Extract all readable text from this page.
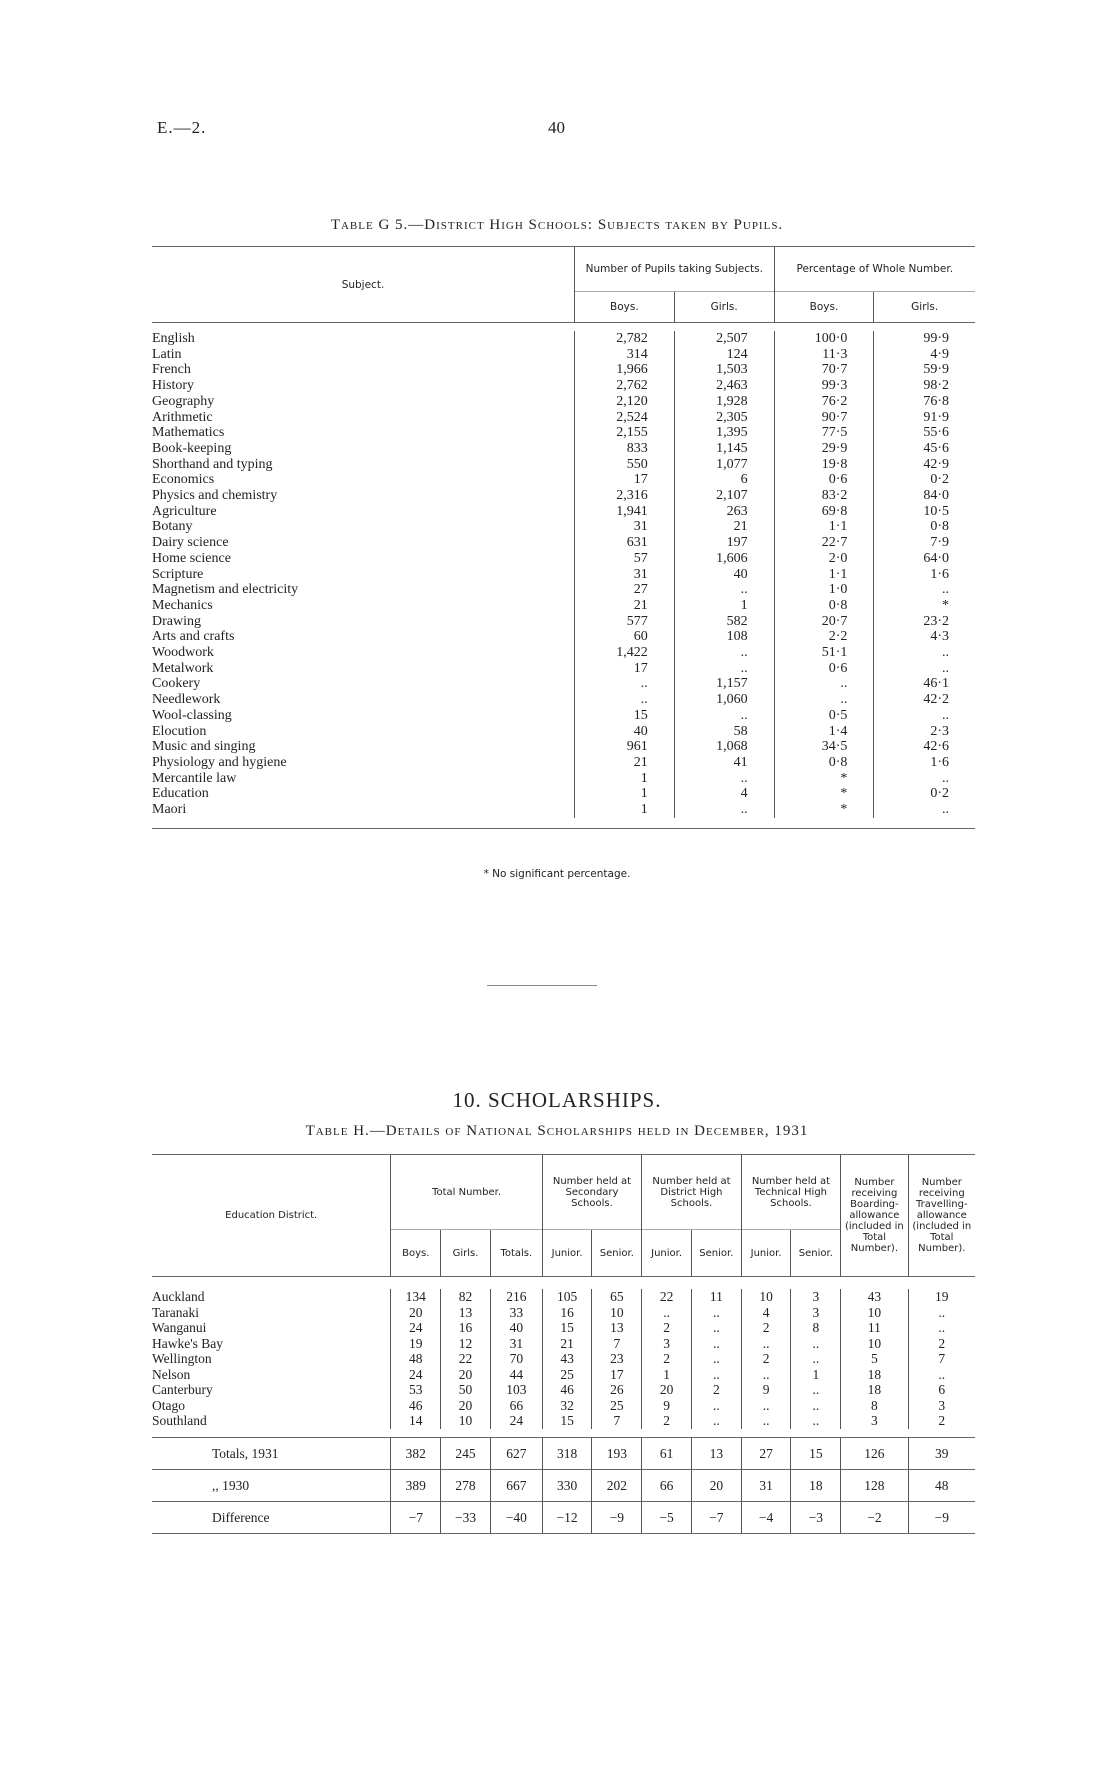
E.—2.	40
Table G 5.—District High Schools: Subjects taken by Pupils.
Subject.	Number of Pupils taking Subjects.		Percentage of Whole Number.	
	Boys.	Girls.	Boys.	Girls.

English	2,782	2,507	100·0	99·9
Latin	314	124	11·3	4·9
French	1,966	1,503	70·7	59·9
History	2,762	2,463	99·3	98·2
Geography	2,120	1,928	76·2	76·8
Arithmetic	2,524	2,305	90·7	91·9
Mathematics	2,155	1,395	77·5	55·6
Book-keeping	833	1,145	29·9	45·6
Shorthand and typing	550	1,077	19·8	42·9
Economics	17	6	0·6	0·2
Physics and chemistry	2,316	2,107	83·2	84·0
Agriculture	1,941	263	69·8	10·5
Botany	31	21	1·1	0·8
Dairy science	631	197	22·7	7·9
Home science	57	1,606	2·0	64·0
Scripture	31	40	1·1	1·6
Magnetism and electricity	27	..	1·0	..
Mechanics	21	1	0·8	*
Drawing	577	582	20·7	23·2
Arts and crafts	60	108	2·2	4·3
Woodwork	1,422	..	51·1	..
Metalwork	17	..	0·6	..
Cookery	..	1,157	..	46·1
Needlework	..	1,060	..	42·2
Wool-classing	15	..	0·5	..
Elocution	40	58	1·4	2·3
Music and singing	961	1,068	34·5	42·6
Physiology and hygiene	21	41	0·8	1·6
Mercantile law	1	..	*	..
Education	1	4	*	0·2
Maori	1	..	*	..

* No significant percentage.
10. SCHOLARSHIPS.
Table H.—Details of National Scholarships held in December, 1931
Education District.	Total Number.			Number held at Secondary Schools.		Number held at District High Schools.		Number held at Technical High Schools.		Number receiving Boarding-allowance (included in Total Number).	Number receiving Travelling-allowance (included in Total Number).
	Boys.	Girls.	Totals.	Junior.	Senior.	Junior.	Senior.	Junior.	Senior.		

Auckland	134	82	216	105	65	22	11	10	3	43	19
Taranaki	20	13	33	16	10	..	..	4	3	10	..
Wanganui	24	16	40	15	13	2	..	2	8	11	..
Hawke's Bay	19	12	31	21	7	3	..	..	..	10	2
Wellington	48	22	70	43	23	2	..	2	..	5	7
Nelson	24	20	44	25	17	1	..	..	1	18	..
Canterbury	53	50	103	46	26	20	2	9	..	18	6
Otago	46	20	66	32	25	9	..	..	..	8	3
Southland	14	10	24	15	7	2	..	..	..	3	2

Totals, 1931	382	245	627	318	193	61	13	27	15	126	39
,, 1930	389	278	667	330	202	66	20	31	18	128	48
Difference	−7	−33	−40	−12	−9	−5	−7	−4	−3	−2	−9
